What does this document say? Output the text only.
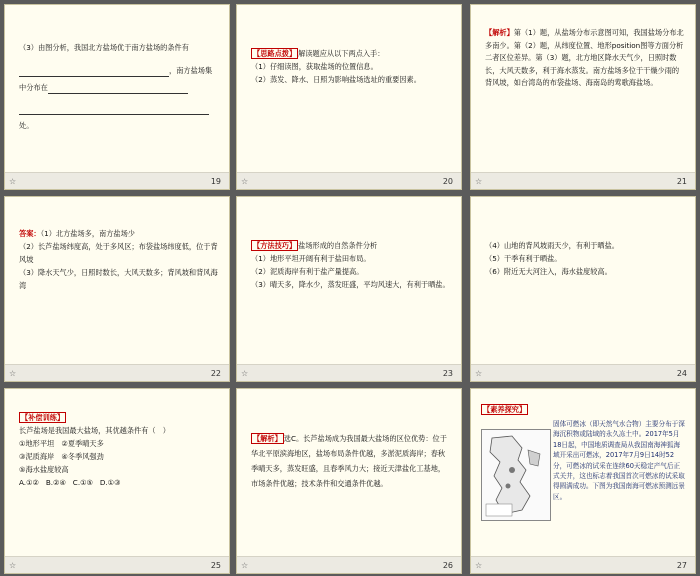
（3）由图分析，我国北方盐场优于南方盐场的条件有
，南方盐场集
中分布在
处。
☆	19
【思路点拨】 解读题应从以下两点入手：
（1）仔细读图，获取盐场的位置信息。
（2）蒸发、降水、日照为影响盐场选址的重要因素。
☆	20
【解析】第（1）题，从盐场分布示意图可知，我国盐场分布北多南少。第（2）题，从纬度位置、地形position图等方面分析二者区位差异。第（3）题，北方地区降水天气少，日照时数长，大风天数多，利于海水蒸发。南方盐场多位于干燥少雨的背风坡，如台湾岛的布袋盐场、海南岛的莺歌海盐场。
☆	21
答案：（1）北方盐场多，南方盐场少
（2）长芦盐场纬度高，处于多风区；布袋盐场纬度低，位于背风坡
（3）降水天气少，日照时数长，大风天数多；背风坡和背风海湾
☆	22
【方法技巧】 盐场形成的自然条件分析
（1）地形平坦开阔有利于盐田布局。
（2）泥质海岸有利于盐产量提高。
（3）晴天多，降水少，蒸发旺盛，平均风速大，有利于晒盐。
☆	23
（4）山地的背风坡雨天少，有利于晒盐。
（5）干季有利于晒盐。
（6）附近无大河注入，海水盐度较高。
☆	24
【补偿训练】
长芦盐场是我国最大盐场，其优越条件有（　）
①地形平坦　 ②夏季晴天多
③泥质海岸　 ④冬季风强劲
⑤海水盐度较高
A.①② B.②④ C.①⑤ D.①③
☆	25
【解析】 选C。长芦盐场成为我国最大盐场的区位优势：位于华北平原滨海地区，盐场布局条件优越，多淤泥质海岸；春秋季晴天多，蒸发旺盛，且春季风力大；接近天津盐化工基地，市场条件优越；技术条件和交通条件优越。
☆	26
【素养探究】
固体可燃冰（即天然气水合物）主要分布于深海沉积物或陆域的永久冻土中。2017年5月18日起，中国地质调查局从我国南海神狐海域开采出可燃冰，2017年7月9日14时52分，可燃冰的试采在连续60天稳定产气后正式关井，这也标志着我国首次可燃冰的试采取得圆满成功。下图为我国南海可燃冰预测远景区。
☆	27
